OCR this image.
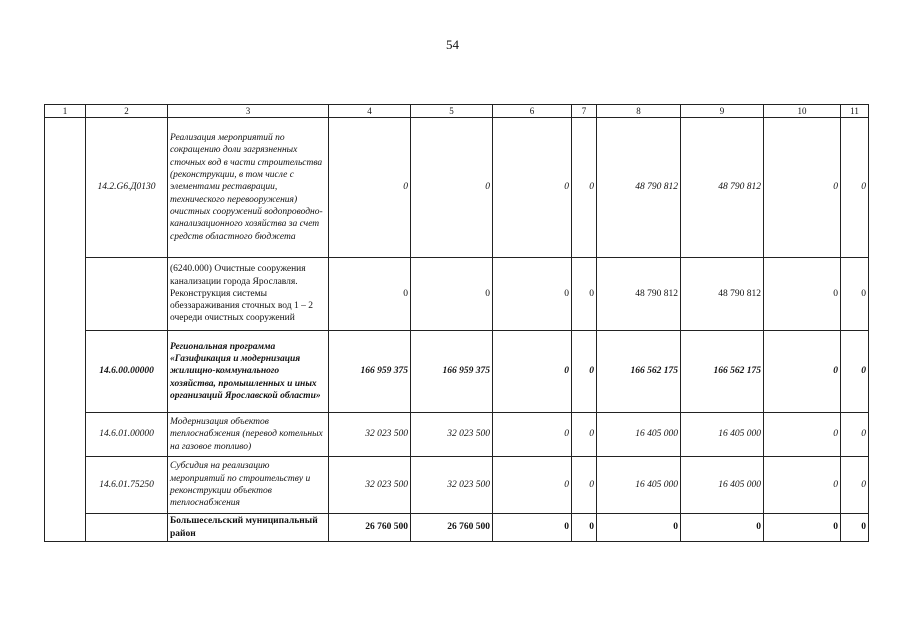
54
1	2	3	4	5	6	7	8	9	10	11
	14.2.G6.Д0130	Реализация мероприятий по сокращению доли загрязненных сточных вод в части строительства (реконструкции, в том числе с элементами реставрации, технического перевооружения) очистных сооружений водопроводно-канализационного хозяйства за счет средств областного бюджета	0	0	0	0	48 790 812	48 790 812	0	0
		(6240.000) Очистные сооружения канализации города Ярославля. Реконструкция системы обеззараживания сточных вод 1 – 2 очереди очистных сооружений	0	0	0	0	48 790 812	48 790 812	0	0
	14.6.00.00000	Региональная программа «Газификация и модернизация жилищно-коммунального хозяйства, промышленных и иных организаций Ярославской области»	166 959 375	166 959 375	0	0	166 562 175	166 562 175	0	0
	14.6.01.00000	Модернизация объектов теплоснабжения (перевод котельных на газовое топливо)	32 023 500	32 023 500	0	0	16 405 000	16 405 000	0	0
	14.6.01.75250	Субсидия на реализацию мероприятий по строительству и реконструкции объектов теплоснабжения	32 023 500	32 023 500	0	0	16 405 000	16 405 000	0	0
		Большесельский муниципальный район	26 760 500	26 760 500	0	0	0	0	0	0
